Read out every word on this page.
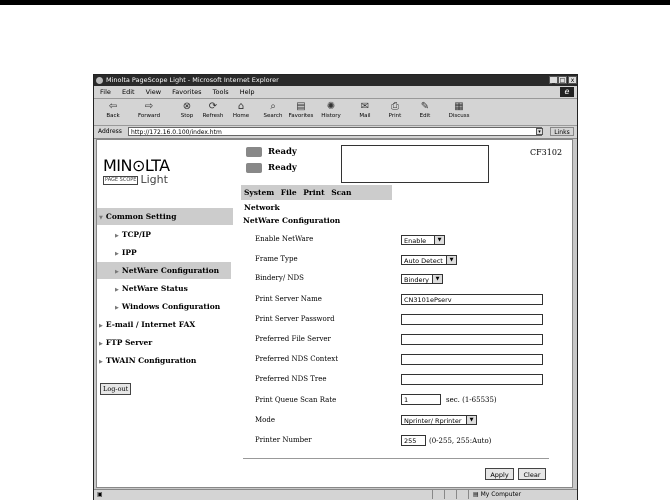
Minolta PageScope Light - Microsoft Internet Explorer	_ □ x
File Edit View Favorites Tools Help	e
⇦
Back
⇨
Forward
⊗
Stop
⟳
Refresh
⌂
Home
⌕
Search
▤
Favorites
✺
History
✉
Mail
⎙
Print
✎
Edit
▦
Discuss
Address	http://172.16.0.100/index.htm	▾	Links
MIN⊙LTA
PAGE SCOPE Light
Ready
Ready
CF3102
System File Print Scan Network
▼ Common Setting
▶ TCP/IP
▶ IPP
▶ NetWare Configuration
▶ NetWare Status
▶ Windows Configuration
▶ E-mail / Internet FAX
▶ FTP Server
▶ TWAIN Configuration
Log-out
NetWare Configuration
Enable NetWare	Enable	▼
Frame Type	Auto Detect	▼
Bindery/ NDS	Bindery	▼
Print Server Name	CN3101ePserv
Print Server Password
Preferred File Server
Preferred NDS Context
Preferred NDS Tree
Print Queue Scan Rate	1	sec. (1-65535)
Mode	Nprinter/ Rprinter	▼
Printer Number	255	(0-255, 255:Auto)
Apply	Clear
▣	▤ My Computer
